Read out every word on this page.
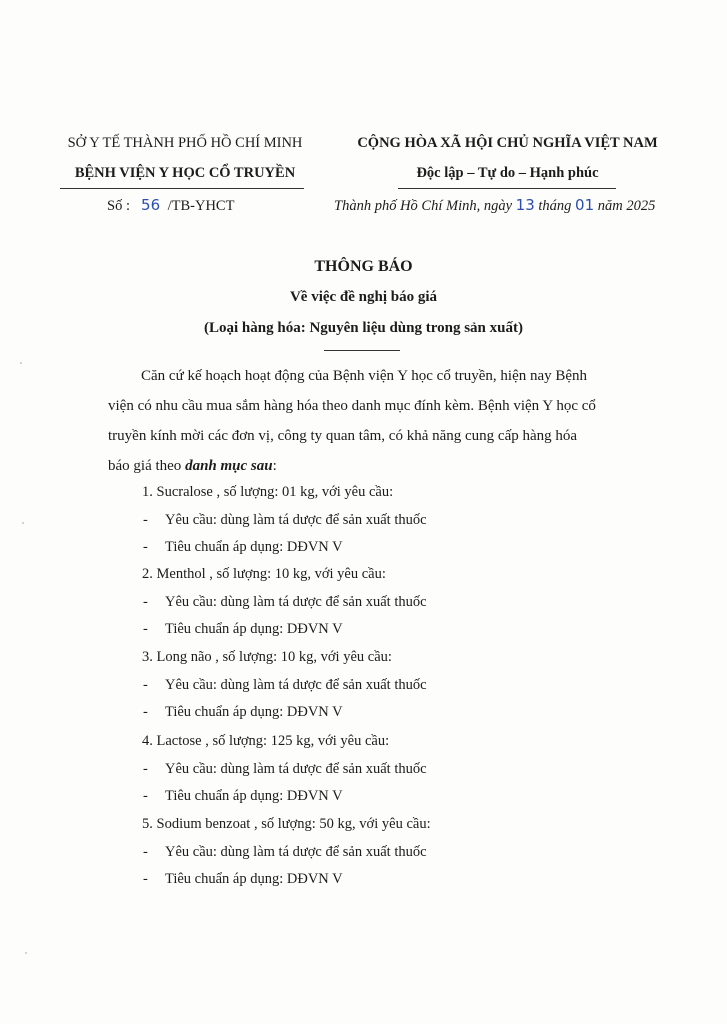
SỞ Y TẾ THÀNH PHỐ HỒ CHÍ MINH
BỆNH VIỆN Y HỌC CỔ TRUYỀN
Số : 56 /TB-YHCT
CỘNG HÒA XÃ HỘI CHỦ NGHĨA VIỆT NAM
Độc lập – Tự do – Hạnh phúc
Thành phố Hồ Chí Minh, ngày 13 tháng 01 năm 2025
THÔNG BÁO
Về việc đề nghị báo giá
(Loại hàng hóa: Nguyên liệu dùng trong sản xuất)
Căn cứ kế hoạch hoạt động của Bệnh viện Y học cổ truyền, hiện nay Bệnh
viện có nhu cầu mua sắm hàng hóa theo danh mục đính kèm. Bệnh viện Y học cổ
truyền kính mời các đơn vị, công ty quan tâm, có khả năng cung cấp hàng hóa
báo giá theo danh mục sau:
1. Sucralose , số lượng: 01 kg, với yêu cầu:
- Yêu cầu: dùng làm tá dược để sản xuất thuốc
- Tiêu chuẩn áp dụng: DĐVN V
2. Menthol , số lượng: 10 kg, với yêu cầu:
- Yêu cầu: dùng làm tá dược để sản xuất thuốc
- Tiêu chuẩn áp dụng: DĐVN V
3. Long não , số lượng: 10 kg, với yêu cầu:
- Yêu cầu: dùng làm tá dược để sản xuất thuốc
- Tiêu chuẩn áp dụng: DĐVN V
4. Lactose , số lượng: 125 kg, với yêu cầu:
- Yêu cầu: dùng làm tá dược để sản xuất thuốc
- Tiêu chuẩn áp dụng: DĐVN V
5. Sodium benzoat , số lượng: 50 kg, với yêu cầu:
- Yêu cầu: dùng làm tá dược để sản xuất thuốc
- Tiêu chuẩn áp dụng: DĐVN V
